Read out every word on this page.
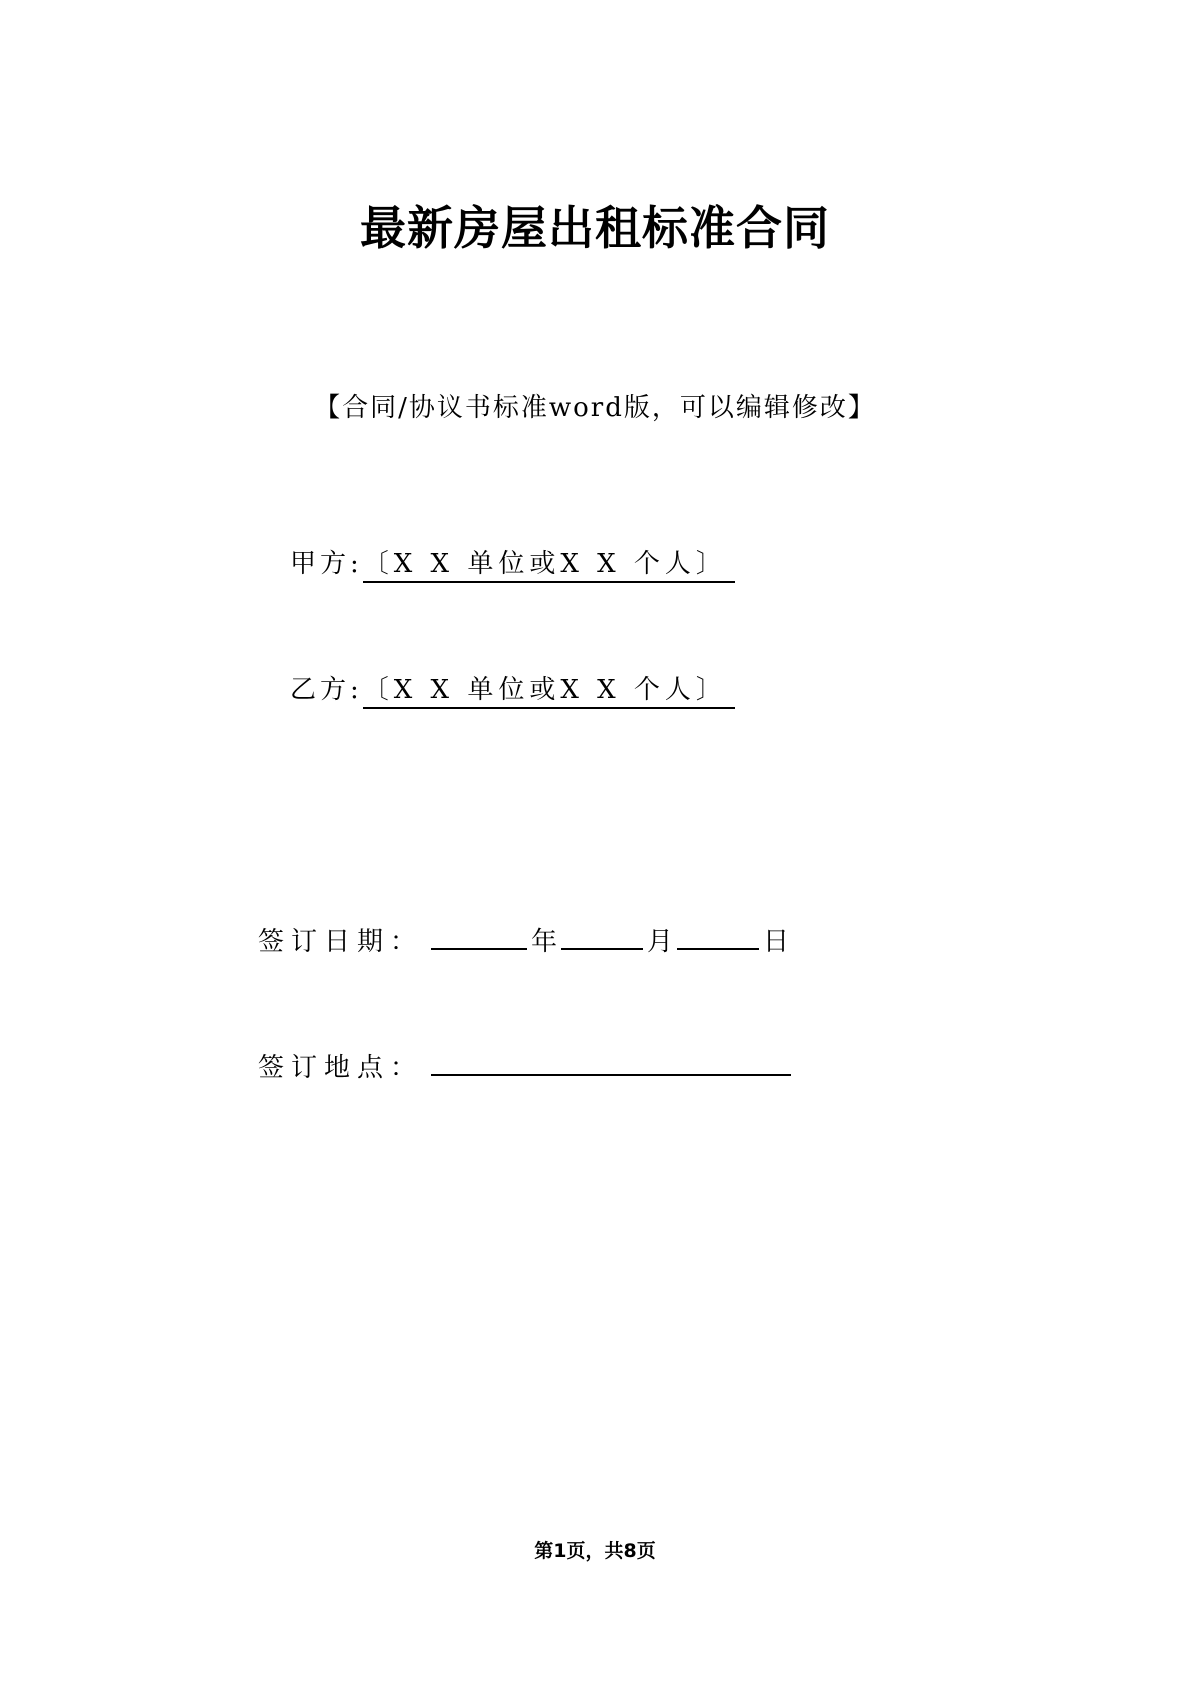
最新房屋出租标准合同
【合同/协议书标准word版，可以编辑修改】
甲方:〔X X 单位或X X 个人〕
乙方:〔X X 单位或X X 个人〕
签订日期：	年	月	日
签订地点：
第1页，共8页
